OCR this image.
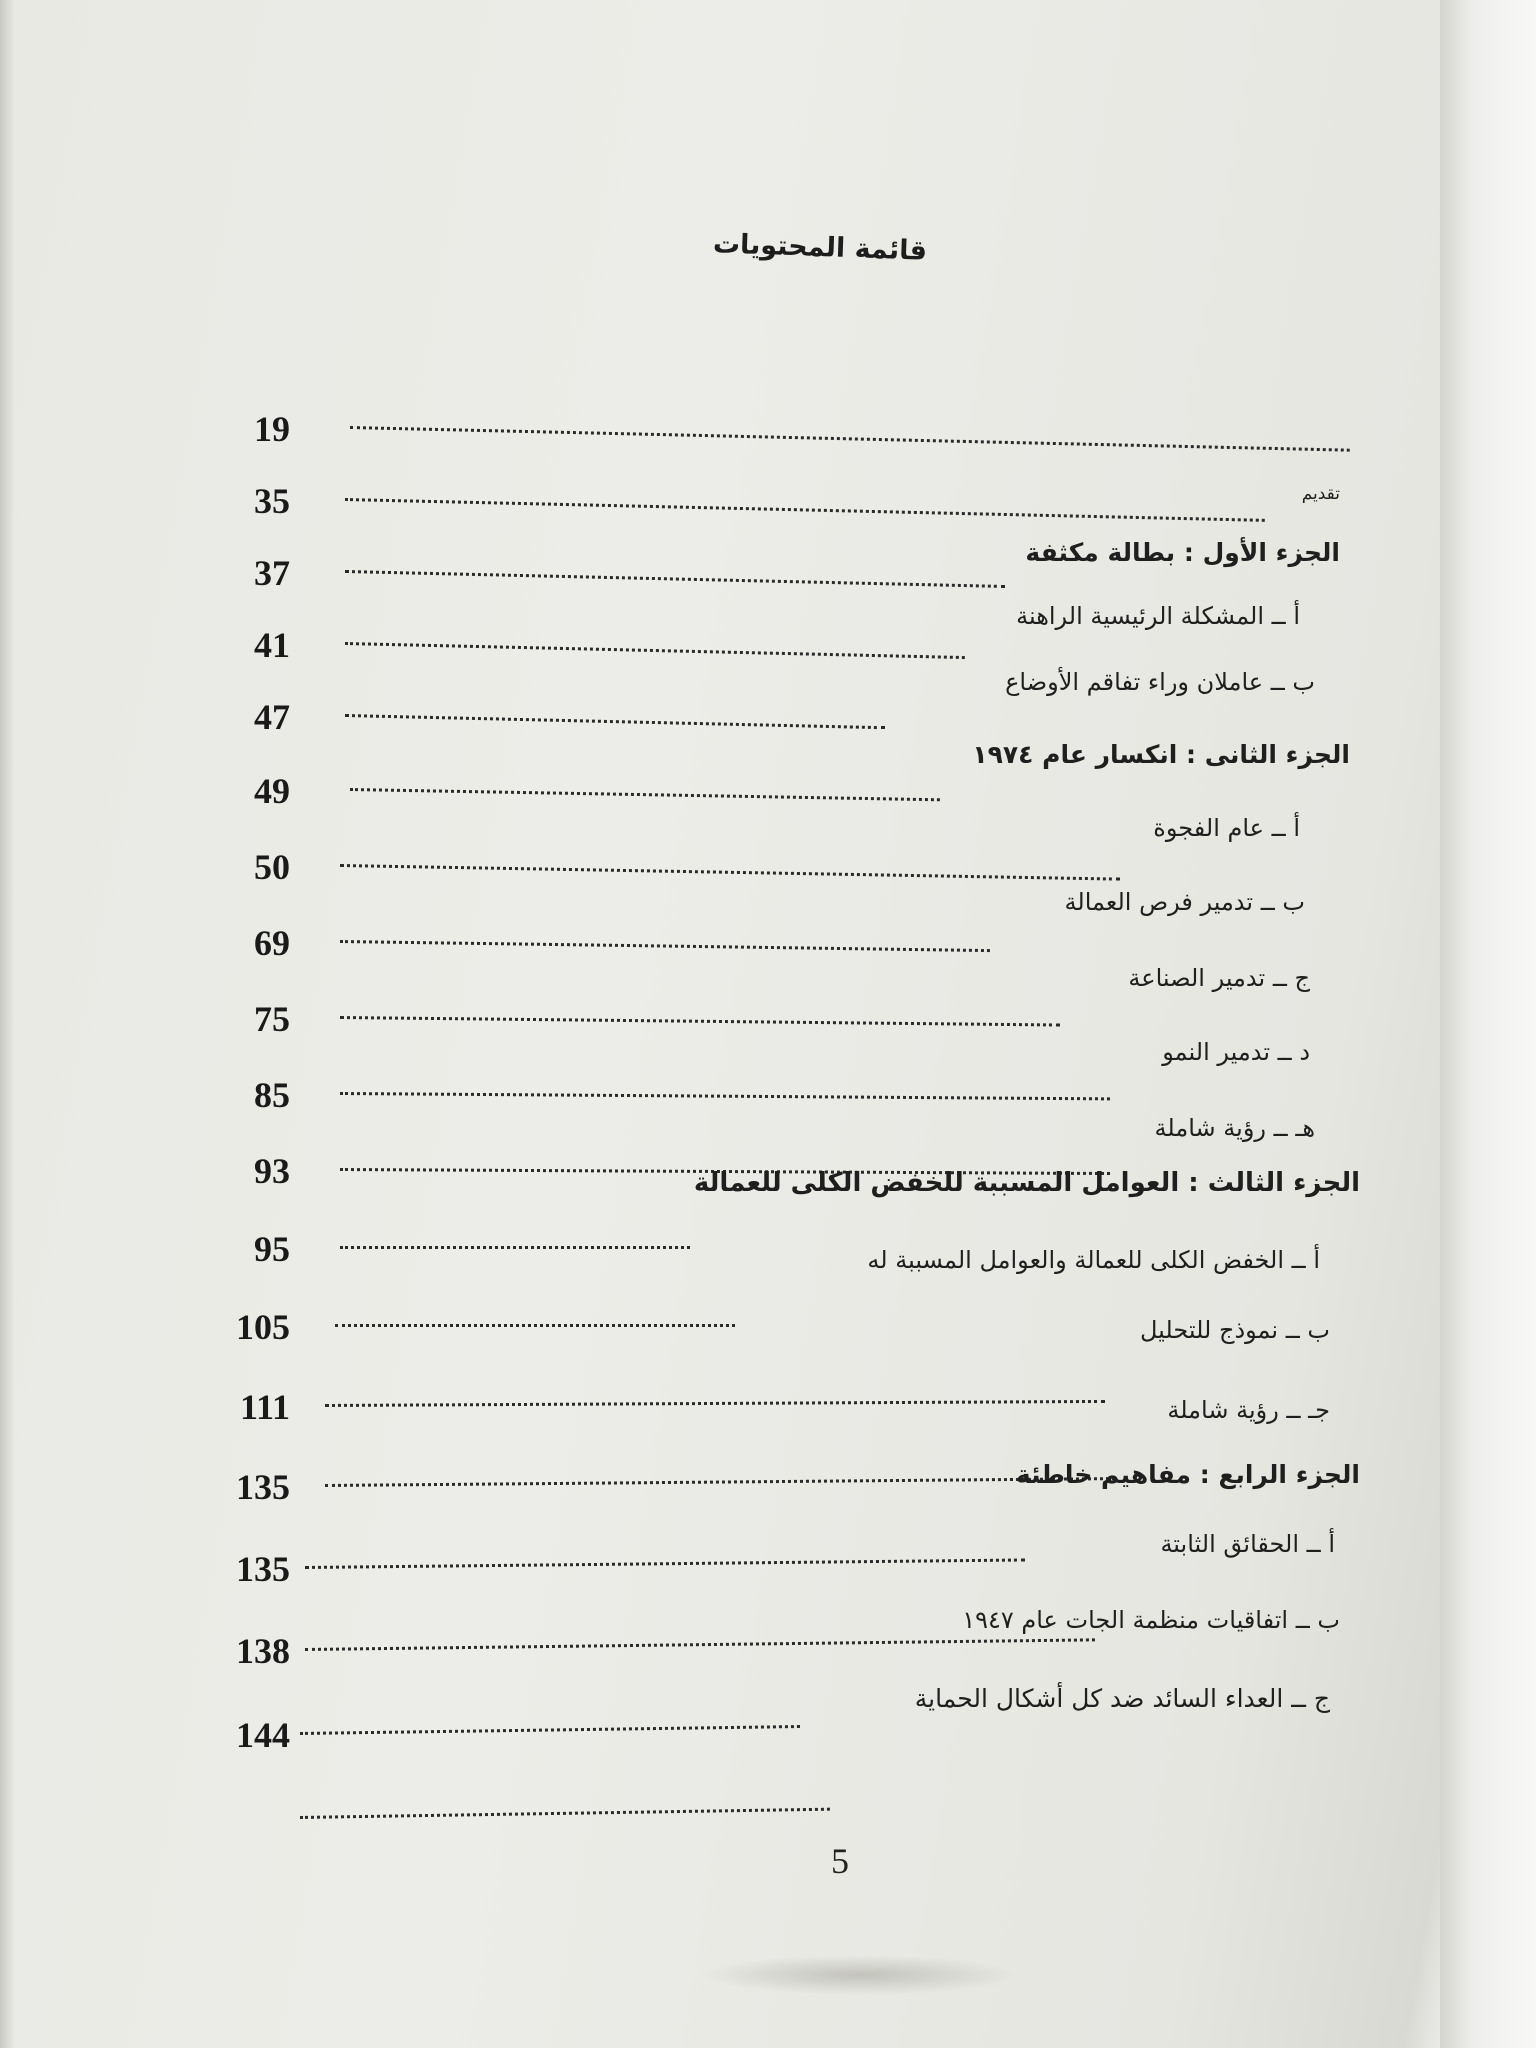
قائمة المحتويات
19
35	تقديم
37
الجزء الأول : بطالة مكثفة
41
أ ــ المشكلة الرئيسية الراهنة
47
ب ــ عاملان وراء تفاقم الأوضاع
49
الجزء الثانى : انكسار عام ١٩٧٤
50
أ ــ عام الفجوة
69
ب ــ تدمير فرص العمالة
75
ج ــ تدمير الصناعة
85
د ــ تدمير النمو
93
هـ ــ رؤية شاملة
95
الجزء الثالث : العوامل المسببة للخفض الكلى للعمالة
105
أ ــ الخفض الكلى للعمالة والعوامل المسببة له
111
ب ــ نموذج للتحليل
135
جـ ــ رؤية شاملة
135
الجزء الرابع : مفاهيم خاطئة
138
أ ــ الحقائق الثابتة
144
ب ــ اتفاقيات منظمة الجات عام ١٩٤٧
ج ــ العداء السائد ضد كل أشكال الحماية
5
